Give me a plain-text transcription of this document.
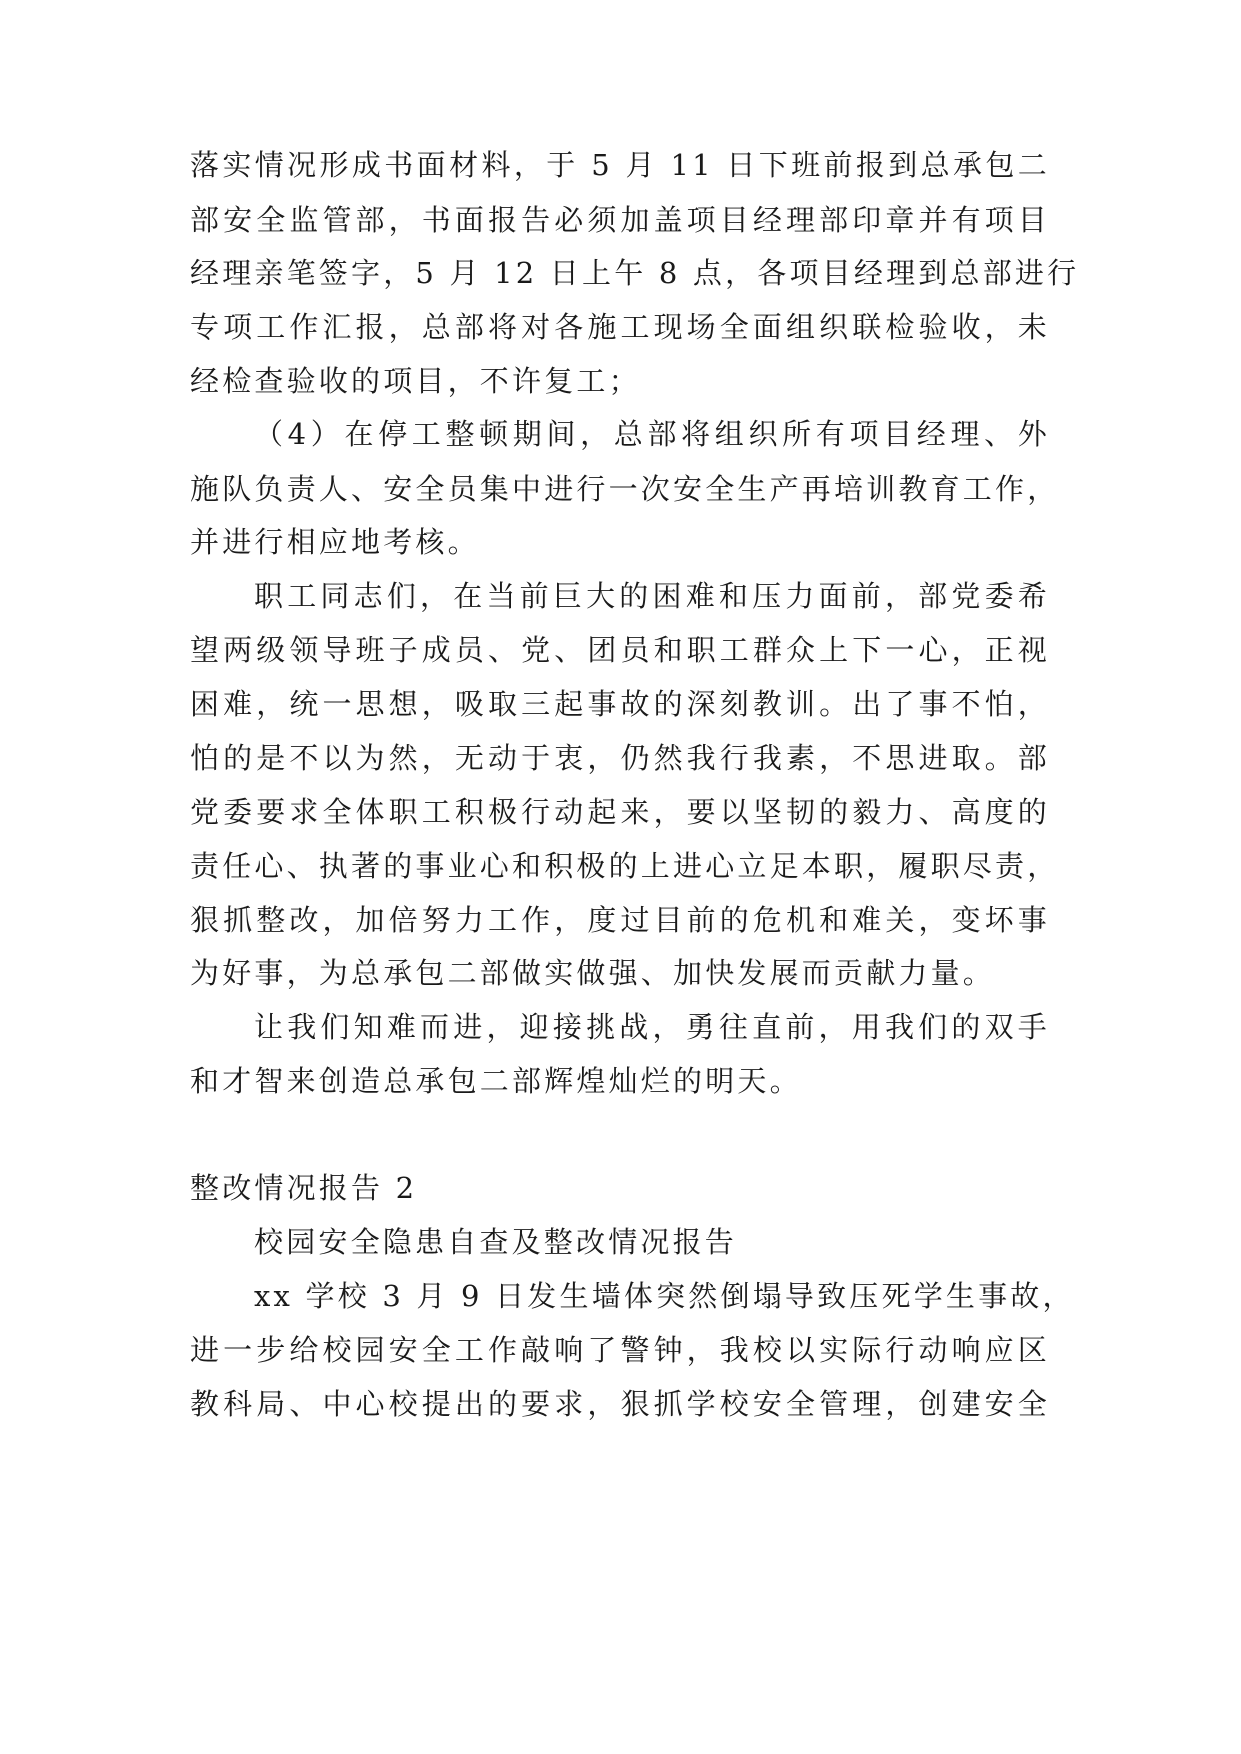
落实情况形成书面材料，于 5 月 11 日下班前报到总承包二
部安全监管部，书面报告必须加盖项目经理部印章并有项目
经理亲笔签字，5 月 12 日上午 8 点，各项目经理到总部进行
专项工作汇报，总部将对各施工现场全面组织联检验收，未
经检查验收的项目，不许复工；
（4）在停工整顿期间，总部将组织所有项目经理、外
施队负责人、安全员集中进行一次安全生产再培训教育工作，
并进行相应地考核。
职工同志们，在当前巨大的困难和压力面前，部党委希
望两级领导班子成员、党、团员和职工群众上下一心，正视
困难，统一思想，吸取三起事故的深刻教训。出了事不怕，
怕的是不以为然，无动于衷，仍然我行我素，不思进取。部
党委要求全体职工积极行动起来，要以坚韧的毅力、高度的
责任心、执著的事业心和积极的上进心立足本职，履职尽责，
狠抓整改，加倍努力工作，度过目前的危机和难关，变坏事
为好事，为总承包二部做实做强、加快发展而贡献力量。
让我们知难而进，迎接挑战，勇往直前，用我们的双手
和才智来创造总承包二部辉煌灿烂的明天。
整改情况报告 2
校园安全隐患自查及整改情况报告
xx 学校 3 月 9 日发生墙体突然倒塌导致压死学生事故，
进一步给校园安全工作敲响了警钟，我校以实际行动响应区
教科局、中心校提出的要求，狠抓学校安全管理，创建安全
